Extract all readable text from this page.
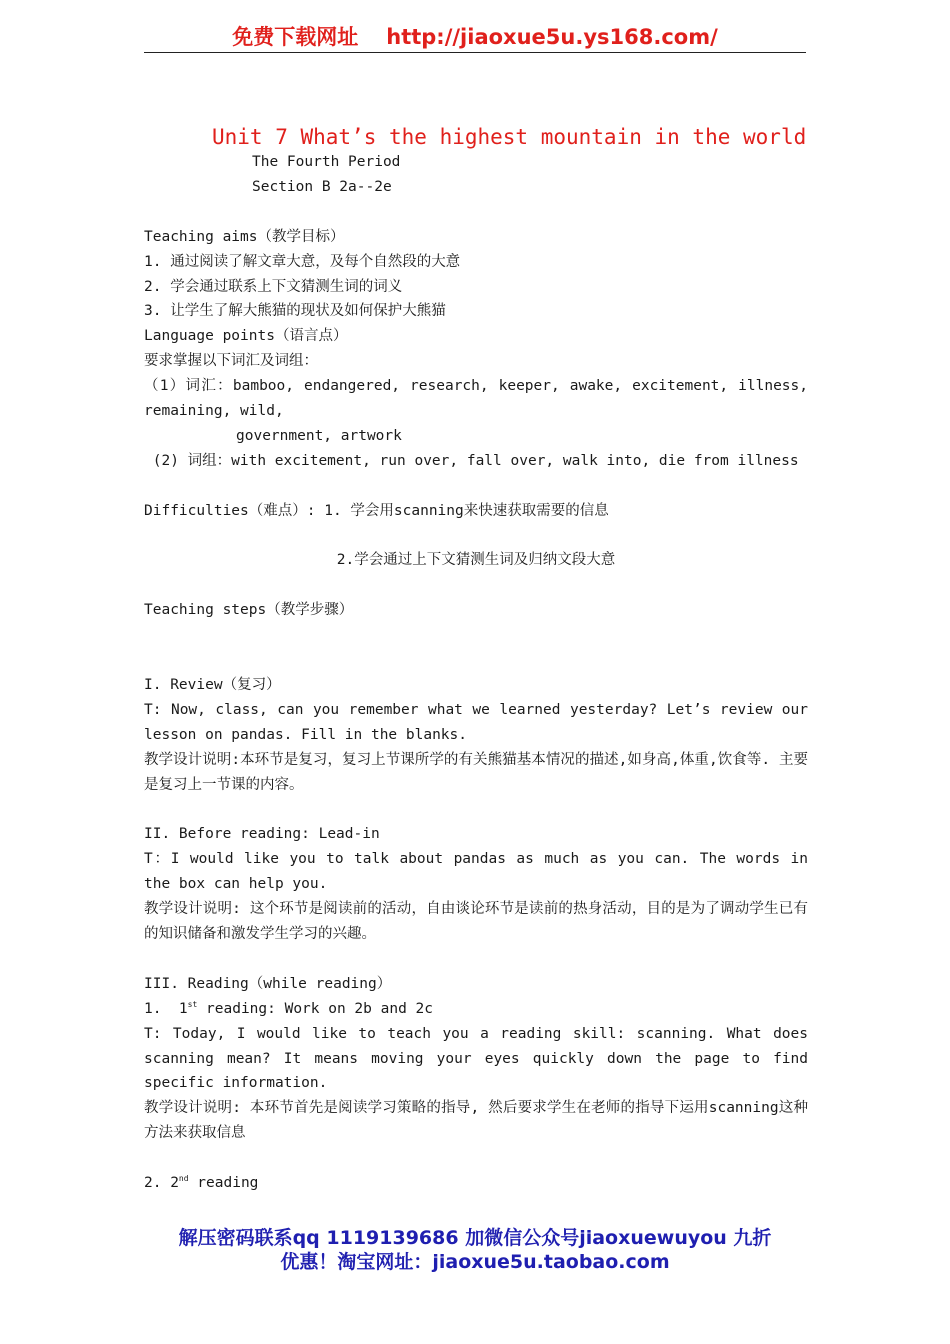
免费下载网址 http://jiaoxue5u.ys168.com/
Unit 7 What’s the highest mountain in the world
The Fourth Period
Section B 2a--2e
Teaching aims（教学目标）
1. 通过阅读了解文章大意，及每个自然段的大意
2. 学会通过联系上下文猜测生词的词义
3. 让学生了解大熊猫的现状及如何保护大熊猫
Language points（语言点）
要求掌握以下词汇及词组：
（1）词汇：bamboo, endangered, research, keeper, awake, excitement, illness, remaining, wild,
government, artwork
(2) 词组：with excitement, run over, fall over, walk into, die from illness
Difficulties（难点）: 1. 学会用scanning来快速获取需要的信息
2.学会通过上下文猜测生词及归纳文段大意
Teaching steps（教学步骤）
I. Review（复习）
T: Now, class, can you remember what we learned yesterday? Let’s review our lesson on pandas. Fill in the blanks.
教学设计说明:本环节是复习，复习上节课所学的有关熊猫基本情况的描述,如身高,体重,饮食等. 主要是复习上一节课的内容。
II. Before reading: Lead-in
T：I would like you to talk about pandas as much as you can. The words in the box can help you.
教学设计说明: 这个环节是阅读前的活动，自由谈论环节是读前的热身活动，目的是为了调动学生已有的知识储备和激发学生学习的兴趣。
III. Reading（while reading）
1.  1st reading: Work on 2b and 2c
T: Today, I would like to teach you a reading skill: scanning. What does scanning mean? It means moving your eyes quickly down the page to find specific information.
教学设计说明: 本环节首先是阅读学习策略的指导, 然后要求学生在老师的指导下运用scanning这种方法来获取信息
2. 2nd reading
解压密码联系qq 1119139686 加微信公众号jiaoxuewuyou 九折
优惠！淘宝网址：jiaoxue5u.taobao.com
